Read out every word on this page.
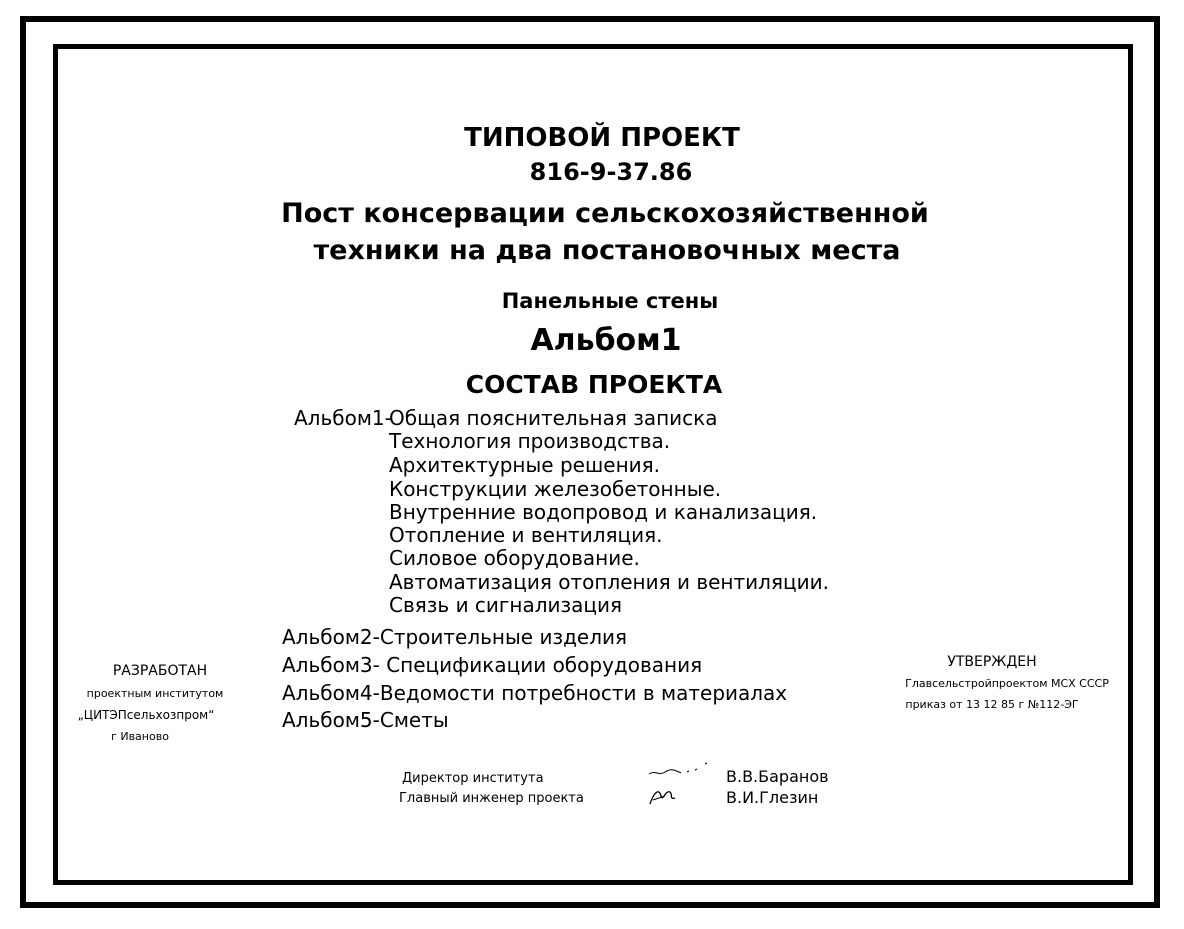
ТИПОВОЙ ПРОЕКТ
816-9-37.86
Пост консервации сельскохозяйственной
техники на два постановочных места
Панельные стены
Альбом1
СОСТАВ ПРОЕКТА
Альбом1-
Общая пояснительная записка
Технология производства.
Архитектурные решения.
Конструкции железобетонные.
Внутренние водопровод и канализация.
Отопление и вентиляция.
Силовое оборудование.
Автоматизация отопления и вентиляции.
Связь и сигнализация
Альбом2-Строительные изделия
Альбом3- Спецификации оборудования
Альбом4-Ведомости потребности в материалах
Альбом5-Сметы
РАЗРАБОТАН
проектным институтом
„ЦИТЭПсельхозпром“
г Иваново
УТВЕРЖДЕН
Главсельстройпроектом МСХ СССР
приказ от 13 12 85 г №112-ЭГ
Директор института
Главный инженер проекта
В.В.Баранов
В.И.Глезин
